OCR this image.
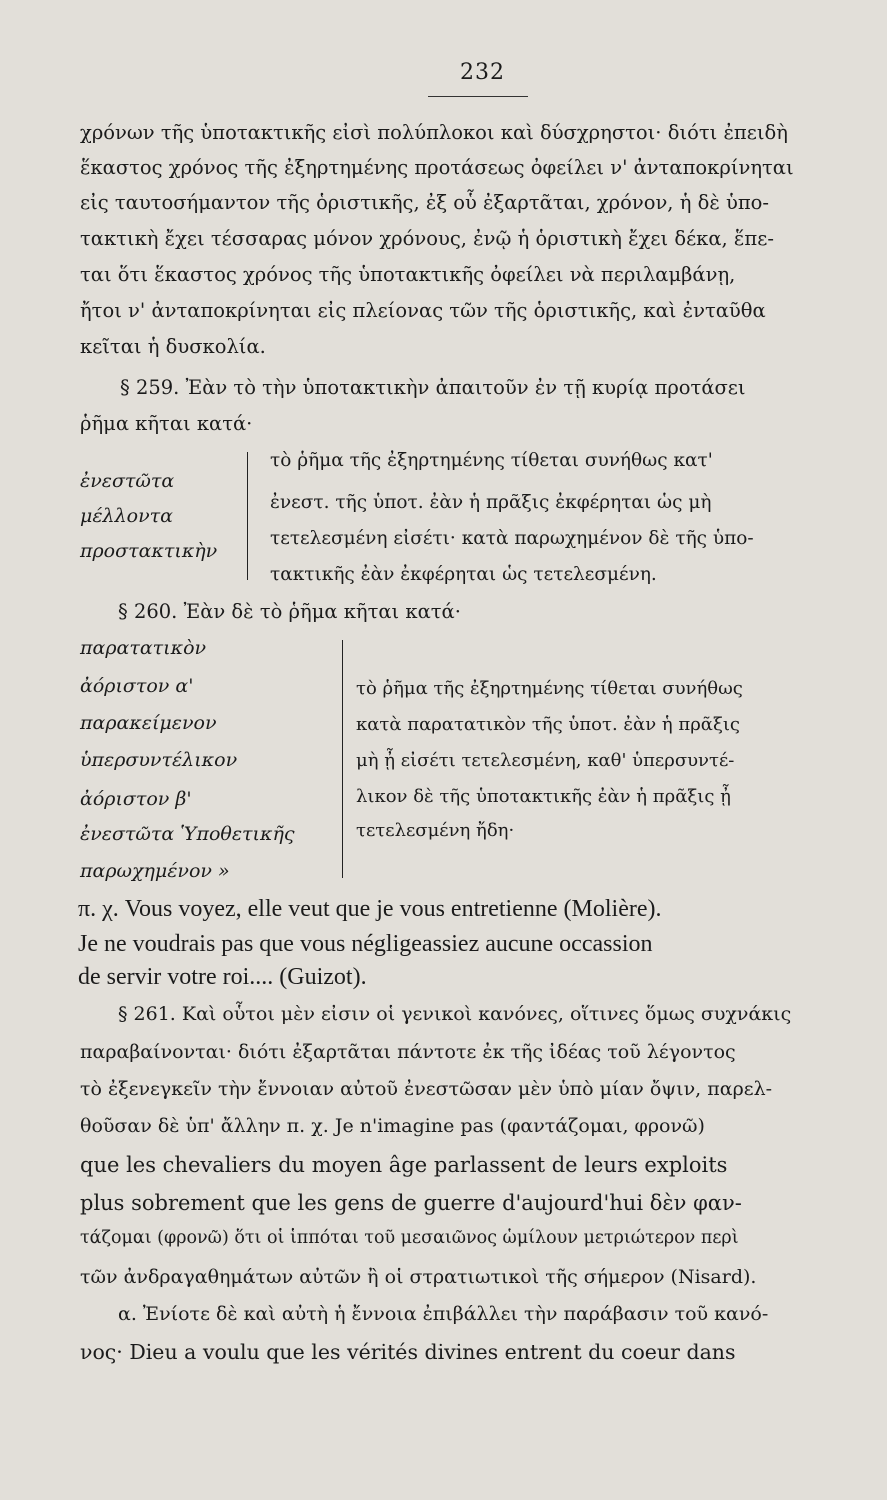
232
χρόνων τῆς ὑποτακτικῆς εἰσὶ πολύπλοκοι καὶ δύσχρηστοι· διότι ἐπειδὴ
ἕκαστος χρόνος τῆς ἐξηρτημένης προτάσεως ὀφείλει ν' ἀνταποκρίνηται
εἰς ταυτοσήμαντον τῆς ὁριστικῆς, ἐξ οὗ ἐξαρτᾶται, χρόνον, ἡ δὲ ὑπο-
τακτικὴ ἔχει τέσσαρας μόνον χρόνους, ἐνῷ ἡ ὁριστικὴ ἔχει δέκα, ἕπε-
ται ὅτι ἕκαστος χρόνος τῆς ὑποτακτικῆς ὀφείλει νὰ περιλαμβάνῃ,
ἤτοι ν' ἀνταποκρίνηται εἰς πλείονας τῶν τῆς ὁριστικῆς, καὶ ἐνταῦθα
κεῖται ἡ δυσκολία.
§ 259. Ἐὰν τὸ τὴν ὑποτακτικὴν ἀπαιτοῦν ἐν τῇ κυρίᾳ προτάσει
ῥῆμα κῆται κατά·
ἐνεστῶτα
μέλλοντα
προστακτικὴν
τὸ ῥῆμα τῆς ἐξηρτημένης τίθεται συνήθως κατ'
ἐνεστ. τῆς ὑποτ. ἐὰν ἡ πρᾶξις ἐκφέρηται ὡς μὴ
τετελεσμένη εἰσέτι· κατὰ παρωχημένον δὲ τῆς ὑπο-
τακτικῆς ἐὰν ἐκφέρηται ὡς τετελεσμένη.
§ 260. Ἐὰν δὲ τὸ ῥῆμα κῆται κατά·
παρατατικὸν
ἀόριστον α'
παρακείμενον
ὑπερσυντέλικον
ἀόριστον β'
ἐνεστῶτα Ὑποθετικῆς
παρωχημένον »
τὸ ῥῆμα τῆς ἐξηρτημένης τίθεται συνήθως
κατὰ παρατατικὸν τῆς ὑποτ. ἐὰν ἡ πρᾶξις
μὴ ᾖ εἰσέτι τετελεσμένη, καθ' ὑπερσυντέ-
λικον δὲ τῆς ὑποτακτικῆς ἐὰν ἡ πρᾶξις ᾖ
τετελεσμένη ἤδη·
π. χ. Vous voyez, elle veut que je vous entretienne (Molière).
Je ne voudrais pas que vous négligeassiez aucune occassion
de servir votre roi.... (Guizot).
§ 261. Καὶ οὗτοι μὲν εἰσιν οἱ γενικοὶ κανόνες, οἵτινες ὅμως συχνάκις
παραβαίνονται· διότι ἐξαρτᾶται πάντοτε ἐκ τῆς ἰδέας τοῦ λέγοντος
τὸ ἐξενεγκεῖν τὴν ἔννοιαν αὐτοῦ ἐνεστῶσαν μὲν ὑπὸ μίαν ὄψιν, παρελ-
θοῦσαν δὲ ὑπ' ἄλλην π. χ. Je n'imagine pas (φαντάζομαι, φρονῶ)
que les chevaliers du moyen âge parlassent de leurs exploits
plus sobrement que les gens de guerre d'aujourd'hui δὲν φαν-
τάζομαι (φρονῶ) ὅτι οἱ ἱππόται τοῦ μεσαιῶνος ὡμίλουν μετριώτερον περὶ
τῶν ἀνδραγαθημάτων αὐτῶν ἢ οἱ στρατιωτικοὶ τῆς σήμερον (Nisard).
α. Ἐνίοτε δὲ καὶ αὐτὴ ἡ ἔννοια ἐπιβάλλει τὴν παράβασιν τοῦ κανό-
νος· Dieu a voulu que les vérités divines entrent du coeur dans
